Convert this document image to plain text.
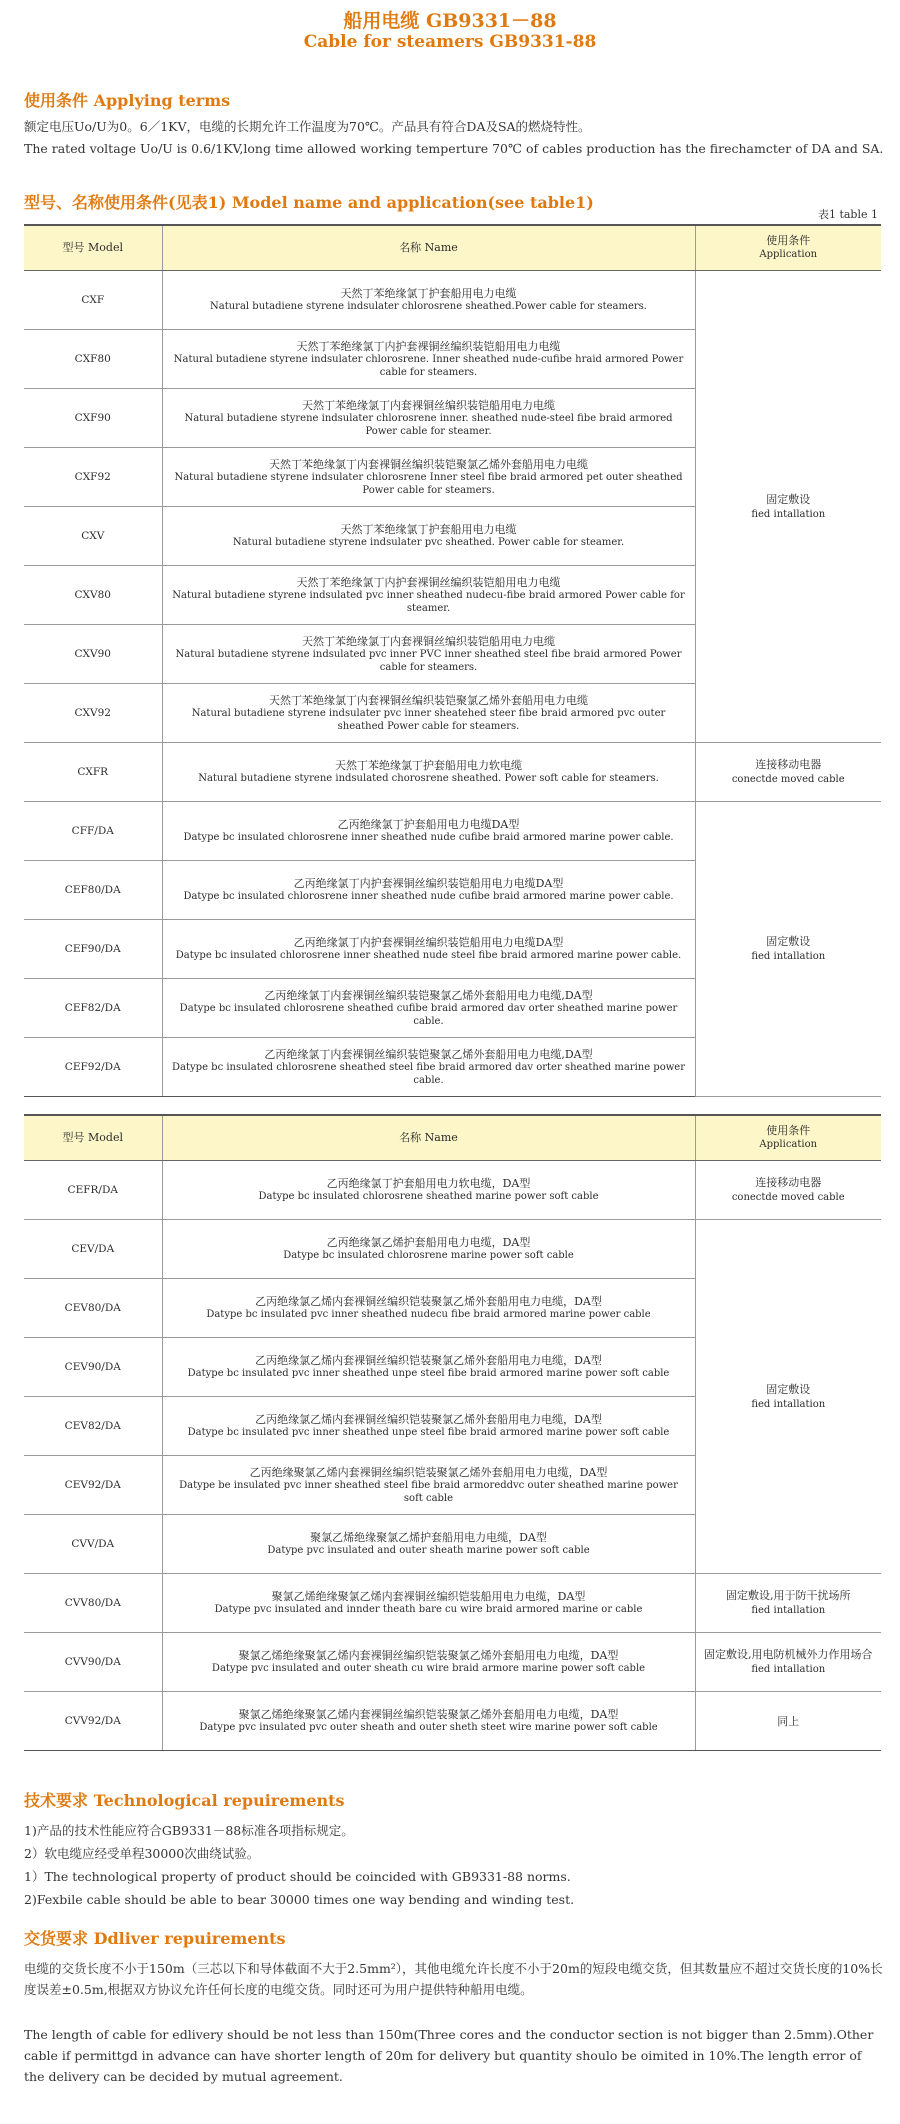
船用电缆 GB9331－88
Cable for steamers GB9331-88
使用条件 Applying terms

额定电压Uo/U为0。6／1KV，电缆的长期允许工作温度为70℃。产品具有符合DA及SA的燃烧特性。

The rated voltage Uo/U is 0.6/1KV,long time allowed working temperture 70℃ of cables production has the firechamcter of DA and SA.

型号、名称使用条件(见表1) Model name and application(see table1)
表1 table 1
型号 Model	名称 Name	使用条件
Application

CXF	天然丁苯绝缘氯丁护套船用电力电缆
Natural butadiene styrene indsulater chlorosrene sheathed.Power cable for steamers.	固定敷设
fied intallation

CXF80	天然丁苯绝缘氯丁内护套裸铜丝编织装铠船用电力电缆
Natural butadiene styrene indsulater chlorosrene. Inner sheathed nude-cufibe hraid armored Power cable for steamers.	

CXF90	天然丁苯绝缘氯丁内套裸铜丝编织装铠船用电力电缆
Natural butadiene styrene indsulater chlorosrene inner. sheathed nude-steel fibe braid armored Power cable for steamer.	

CXF92	天然丁苯绝缘氯丁内套裸铜丝编织装铠聚氯乙烯外套船用电力电缆
Natural butadiene styrene indsulater chlorosrene Inner steel fibe braid armored pet outer sheathed Power cable for steamers.	

CXV	天然丁苯绝缘氯丁护套船用电力电缆
Natural butadiene styrene indsulater pvc sheathed. Power cable for steamer.	

CXV80	天然丁苯绝缘氯丁内护套裸铜丝编织装铠船用电力电缆
Natural butadiene styrene indsulated pvc inner sheathed nudecu-fibe braid armored Power cable for steamer.	

CXV90	天然丁苯绝缘氯丁内套裸铜丝编织装铠船用电力电缆
Natural butadiene styrene indsulated pvc inner PVC inner sheathed steel fibe braid armored Power cable for steamers.	

CXV92	天然丁苯绝缘氯丁内套裸铜丝编织装铠聚氯乙烯外套船用电力电缆
Natural butadiene styrene indsulater pvc inner sheatehed steer fibe braid armored pvc outer sheathed Power cable for steamers.	

CXFR	天然丁苯绝缘氯丁护套船用电力软电缆
Natural butadiene styrene indsulated chorosrene sheathed. Power soft cable for steamers.	连接移动电器
conectde moved cable

CFF/DA	乙丙绝缘氯丁护套船用电力电缆DA型
Datype bc insulated chlorosrene inner sheathed nude cufibe braid armored marine power cable.	固定敷设
fied intallation

CEF80/DA	乙丙绝缘氯丁内护套裸铜丝编织装铠船用电力电缆DA型
Datype bc insulated chlorosrene inner sheathed nude cufibe braid armored marine power cable.	

CEF90/DA	乙丙绝缘氯丁内护套裸铜丝编织装铠船用电力电缆DA型
Datype bc insulated chlorosrene inner sheathed nude steel fibe braid armored marine power cable.	

CEF82/DA	乙丙绝缘氯丁内套裸铜丝编织装铠聚氯乙烯外套船用电力电缆,DA型
Datype bc insulated chlorosrene sheathed cufibe braid armored dav orter sheathed marine power cable.	

CEF92/DA	乙丙绝缘氯丁内套裸铜丝编织装铠聚氯乙烯外套船用电力电缆,DA型
Datype bc insulated chlorosrene sheathed steel fibe braid armored dav orter sheathed marine power cable.	
型号 Model	名称 Name	使用条件
Application

CEFR/DA	乙丙绝缘氯丁护套船用电力软电缆，DA型
Datype bc insulated chlorosrene sheathed marine power soft cable	连接移动电器
conectde moved cable

CEV/DA	乙丙绝缘氯乙烯护套船用电力电缆，DA型
Datype bc insulated chlorosrene marine power soft cable	固定敷设
fied intallation

CEV80/DA	乙丙绝缘氯乙烯内套裸铜丝编织铠装聚氯乙烯外套船用电力电缆，DA型
Datype bc insulated pvc inner sheathed nudecu fibe braid armored marine power cable	

CEV90/DA	乙丙绝缘氯乙烯内套裸铜丝编织铠装聚氯乙烯外套船用电力电缆，DA型
Datype bc insulated pvc inner sheathed unpe steel fibe braid armored marine power soft cable	

CEV82/DA	乙丙绝缘氯乙烯内套裸铜丝编织铠装聚氯乙烯外套船用电力电缆，DA型
Datype bc insulated pvc inner sheathed unpe steel fibe braid armored marine power soft cable	

CEV92/DA	乙丙绝缘聚氯乙烯内套裸铜丝编织铠装聚氯乙烯外套船用电力电缆，DA型
Datype be insulated pvc inner sheathed steel fibe braid armoreddvc outer sheathed marine power soft cable	

CVV/DA	聚氯乙烯绝缘聚氯乙烯护套船用电力电缆，DA型
Datype pvc insulated and outer sheath marine power soft cable	

CVV80/DA	聚氯乙烯绝缘聚氯乙烯内套裸铜丝编织铠装船用电力电缆，DA型
Datype pvc insulated and innder theath bare cu wire braid armored marine or cable	固定敷设,用于防干扰场所
fied intallation

CVV90/DA	聚氯乙烯绝缘聚氯乙烯内套裸铜丝编织铠装聚氯乙烯外套船用电力电缆，DA型
Datype pvc insulated and outer sheath cu wire braid armore marine power soft cable	固定敷设,用电防机械外力作用场合
fied intallation

CVV92/DA	聚氯乙烯绝缘聚氯乙烯内套裸铜丝编织铠装聚氯乙烯外套船用电力电缆，DA型
Datype pvc insulated pvc outer sheath and outer sheth steet wire marine power soft cable	同上
技术要求 Technological repuirements

1)产品的技术性能应符合GB9331－88标准各项指标规定。

2）软电缆应经受单程30000次曲绕试验。

1）The technological property of product should be coincided with GB9331-88 norms.

2)Fexbile cable should be able to bear 30000 times one way bending and winding test.

交货要求 Ddliver repuirements

电缆的交货长度不小于150m（三芯以下和导体截面不大于2.5mm²），其他电缆允许长度不小于20m的短段电缆交货，但其数量应不超过交货长度的10%长度误差±0.5m,根据双方协议允许任何长度的电缆交货。同时还可为用户提供特种船用电缆。

The length of cable for edlivery should be not less than 150m(Three cores and the conductor section is not bigger than 2.5mm).Other cable if permittgd in advance can have shorter length of 20m for delivery but quantity shoulo be oimited in 10%.The length error of the delivery can be decided by mutual agreement.
